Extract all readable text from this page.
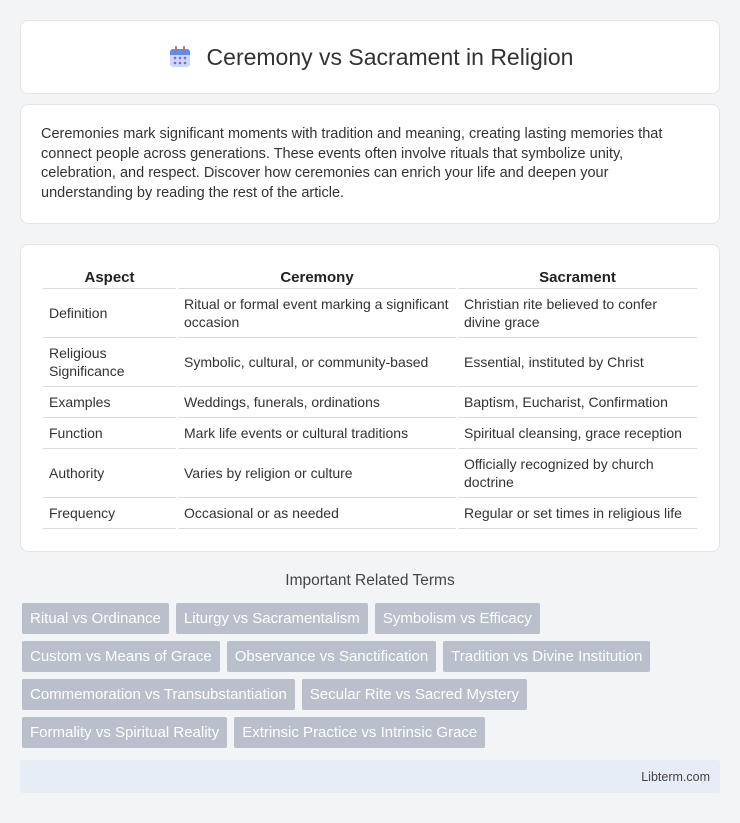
Ceremony vs Sacrament in Religion

Ceremonies mark significant moments with tradition and meaning, creating lasting memories that connect people across generations. These events often involve rituals that symbolize unity, celebration, and respect. Discover how ceremonies can enrich your life and deepen your understanding by reading the rest of the article.

Aspect	Ceremony	Sacrament
Definition	Ritual or formal event marking a significant occasion	Christian rite believed to confer divine grace
Religious Significance	Symbolic, cultural, or community-based	Essential, instituted by Christ
Examples	Weddings, funerals, ordinations	Baptism, Eucharist, Confirmation
Function	Mark life events or cultural traditions	Spiritual cleansing, grace reception
Authority	Varies by religion or culture	Officially recognized by church doctrine
Frequency	Occasional or as needed	Regular or set times in religious life
Important Related Terms
Ritual vs Ordinance	Liturgy vs Sacramentalism	Symbolism vs Efficacy
Custom vs Means of Grace	Observance vs Sanctification	Tradition vs Divine Institution
Commemoration vs Transubstantiation	Secular Rite vs Sacred Mystery
Formality vs Spiritual Reality	Extrinsic Practice vs Intrinsic Grace
Libterm.com
